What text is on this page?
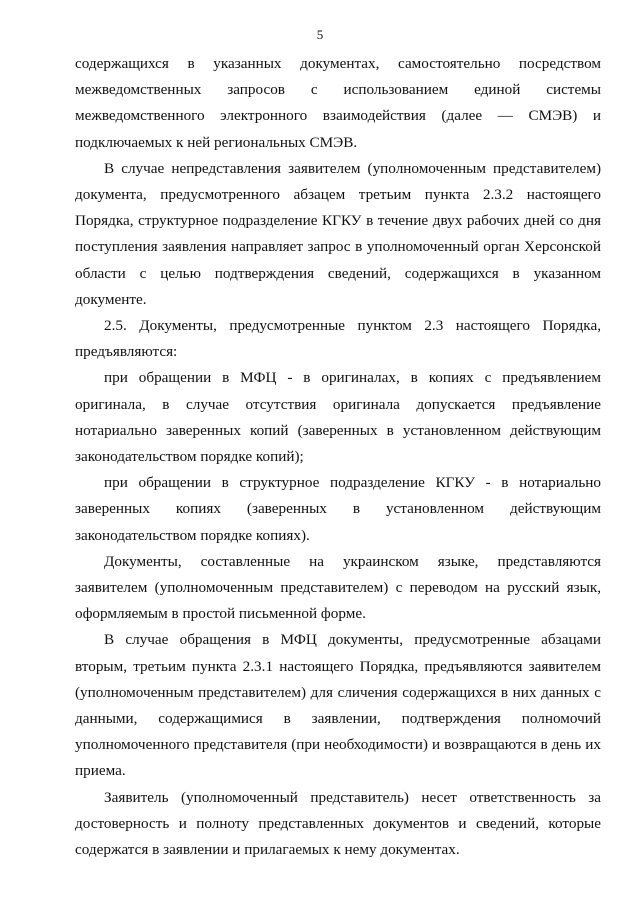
5

содержащихся в указанных документах, самостоятельно посредством межведомственных запросов с использованием единой системы межведомственного электронного взаимодействия (далее — СМЭВ) и подключаемых к ней региональных СМЭВ.

В случае непредставления заявителем (уполномоченным представителем) документа, предусмотренного абзацем третьим пункта 2.3.2 настоящего Порядка, структурное подразделение КГКУ в течение двух рабочих дней со дня поступления заявления направляет запрос в уполномоченный орган Херсонской области с целью подтверждения сведений, содержащихся в указанном документе.

2.5. Документы, предусмотренные пунктом 2.3 настоящего Порядка, предъявляются:

при обращении в МФЦ - в оригиналах, в копиях с предъявлением оригинала, в случае отсутствия оригинала допускается предъявление нотариально заверенных копий (заверенных в установленном действующим законодательством порядке копий);

при обращении в структурное подразделение КГКУ - в нотариально заверенных копиях (заверенных в установленном действующим законодательством порядке копиях).

Документы, составленные на украинском языке, представляются заявителем (уполномоченным представителем) с переводом на русский язык, оформляемым в простой письменной форме.

В случае обращения в МФЦ документы, предусмотренные абзацами вторым, третьим пункта 2.3.1 настоящего Порядка, предъявляются заявителем (уполномоченным представителем) для сличения содержащихся в них данных с данными, содержащимися в заявлении, подтверждения полномочий уполномоченного представителя (при необходимости) и возвращаются в день их приема.

Заявитель (уполномоченный представитель) несет ответственность за достоверность и полноту представленных документов и сведений, которые содержатся в заявлении и прилагаемых к нему документах.
